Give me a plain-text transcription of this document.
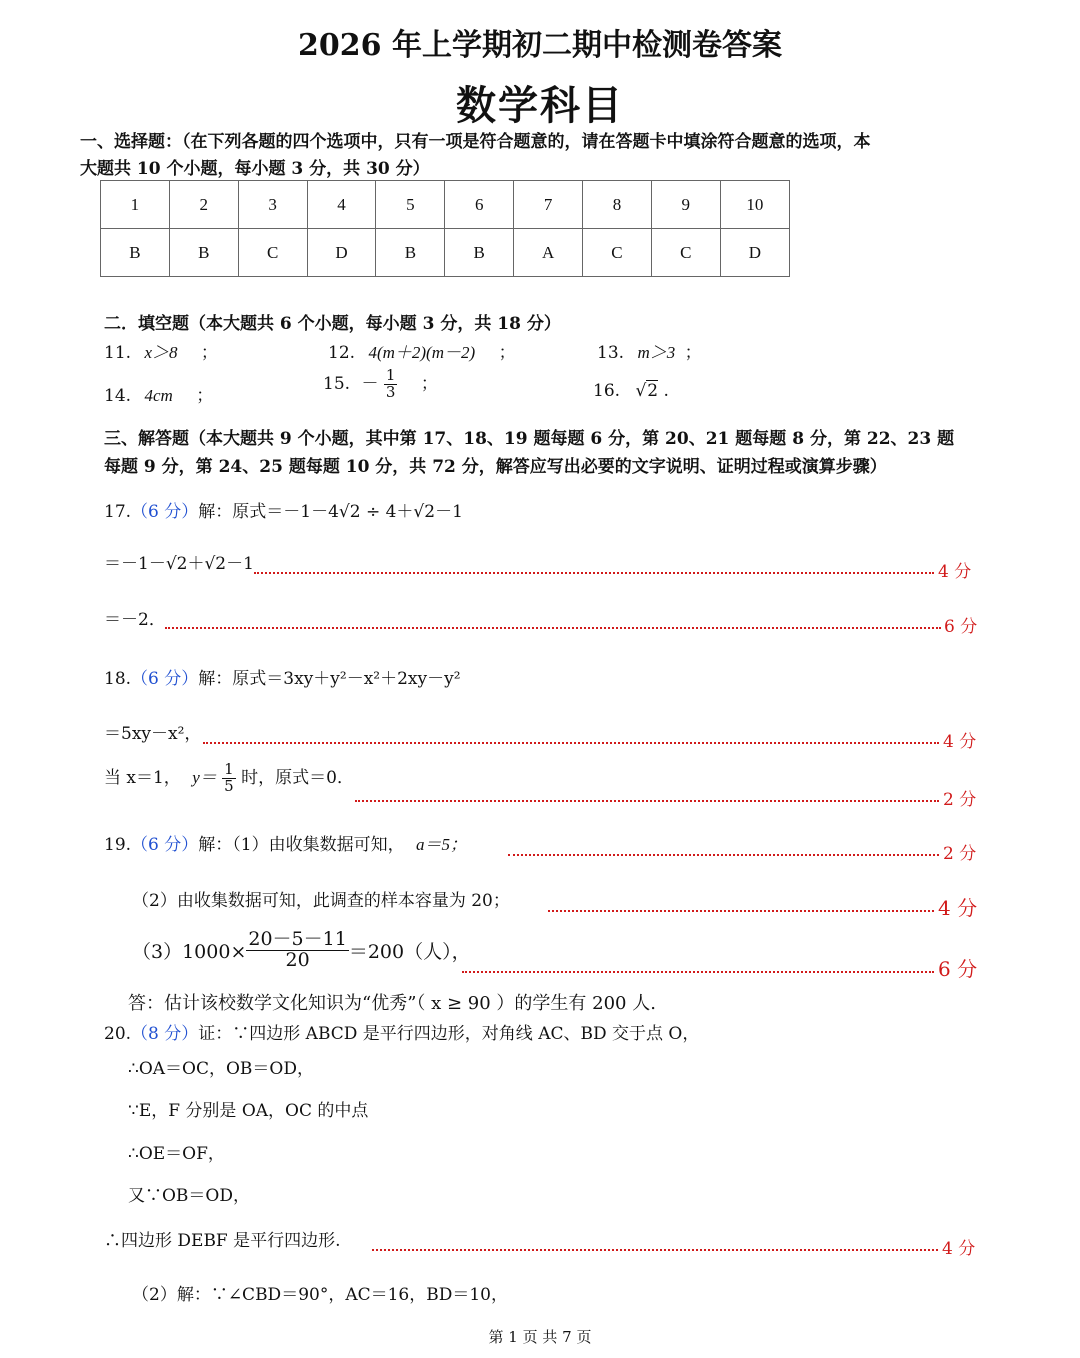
2026 年上学期初二期中检测卷答案
数学科目
一、选择题：（在下列各题的四个选项中，只有一项是符合题意的，请在答题卡中填涂符合题意的选项，本
大题共 10 个小题，每小题 3 分，共 30 分）
1	2	3	4	5	6	7	8	9	10
B	B	C	D	B	B	A	C	C	D
二．填空题（本大题共 6 个小题，每小题 3 分，共 18 分）
11. x＞8 ；	12. 4(m＋2)(m－2) ；	13. m＞3 ；
14. 4cm ；
15. － $\frac{1}{3}$ ；	16. √2 .
三、解答题（本大题共 9 个小题，其中第 17、18、19 题每题 6 分，第 20、21 题每题 8 分，第 22、23 题
每题 9 分，第 24、25 题每题 10 分，共 72 分，解答应写出必要的文字说明、证明过程或演算步骤）
17.（6 分）解：原式＝－1－4√2 ÷ 4＋√2－1
＝－1－√2＋√2－1	4 分
＝－2．	6 分
18.（6 分）解：原式＝3xy＋y²－x²＋2xy－y²
＝5xy－x²，	4 分
当 x＝1， $y= \frac{1}{5}$ 时，原式＝0．
2 分
19.（6 分）解：（1）由收集数据可知， a＝5；	2 分
（2）由收集数据可知，此调查的样本容量为 20；	4 分
$(3)1000\times \frac{20-5-11}{20} =200$（人），
6 分
答：估计该校数学文化知识为“优秀”（ x ≥ 90 ）的学生有 200 人.
20.（8 分）证：∵四边形 ABCD 是平行四边形，对角线 AC、BD 交于点 O，
∴OA＝OC，OB＝OD，
∵E，F 分别是 OA，OC 的中点
∴OE＝OF，
又∵OB＝OD，
∴四边形 DEBF 是平行四边形.	4 分
（2）解：∵∠CBD＝90°，AC＝16，BD＝10，
第 1 页 共 7 页
